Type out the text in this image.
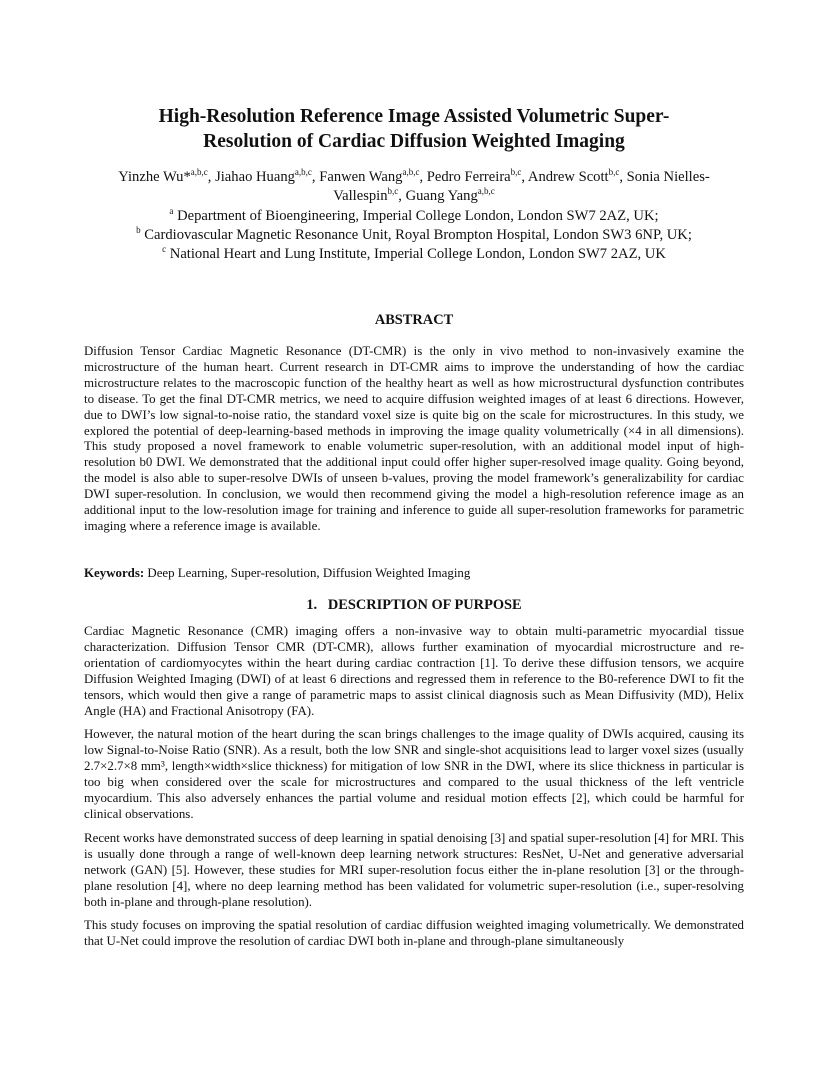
High-Resolution Reference Image Assisted Volumetric Super-
Resolution of Cardiac Diffusion Weighted Imaging
Yinzhe Wu*$^{a,b,c}$, Jiahao Huang$^{a,b,c}$, Fanwen Wang$^{a,b,c}$, Pedro Ferreira$^{b,c}$, Andrew Scott$^{b,c}$, Sonia Nielles-Vallespin$^{b,c}$, Guang Yang$^{a,b,c}$
$^a$ Department of Bioengineering, Imperial College London, London SW7 2AZ, UK;
$^b$ Cardiovascular Magnetic Resonance Unit, Royal Brompton Hospital, London SW3 6NP, UK;
$^c$ National Heart and Lung Institute, Imperial College London, London SW7 2AZ, UK
ABSTRACT

Diffusion Tensor Cardiac Magnetic Resonance (DT-CMR) is the only in vivo method to non-invasively examine the microstructure of the human heart. Current research in DT-CMR aims to improve the understanding of how the cardiac microstructure relates to the macroscopic function of the healthy heart as well as how microstructural dysfunction contributes to disease. To get the final DT-CMR metrics, we need to acquire diffusion weighted images of at least 6 directions. However, due to DWI’s low signal-to-noise ratio, the standard voxel size is quite big on the scale for microstructures. In this study, we explored the potential of deep-learning-based methods in improving the image quality volumetrically (×4 in all dimensions). This study proposed a novel framework to enable volumetric super-resolution, with an additional model input of high-resolution b0 DWI. We demonstrated that the additional input could offer higher super-resolved image quality. Going beyond, the model is also able to super-resolve DWIs of unseen b-values, proving the model framework’s generalizability for cardiac DWI super-resolution. In conclusion, we would then recommend giving the model a high-resolution reference image as an additional input to the low-resolution image for training and inference to guide all super-resolution frameworks for parametric imaging where a reference image is available.

Keywords: Deep Learning, Super-resolution, Diffusion Weighted Imaging

1.   DESCRIPTION OF PURPOSE

Cardiac Magnetic Resonance (CMR) imaging offers a non-invasive way to obtain multi-parametric myocardial tissue characterization. Diffusion Tensor CMR (DT-CMR), allows further examination of myocardial microstructure and re-orientation of cardiomyocytes within the heart during cardiac contraction [1]. To derive these diffusion tensors, we acquire Diffusion Weighted Imaging (DWI) of at least 6 directions and regressed them in reference to the B0-reference DWI to fit the tensors, which would then give a range of parametric maps to assist clinical diagnosis such as Mean Diffusivity (MD), Helix Angle (HA) and Fractional Anisotropy (FA).

However, the natural motion of the heart during the scan brings challenges to the image quality of DWIs acquired, causing its low Signal-to-Noise Ratio (SNR). As a result, both the low SNR and single-shot acquisitions lead to larger voxel sizes (usually 2.7×2.7×8 mm³, length×width×slice thickness) for mitigation of low SNR in the DWI, where its slice thickness in particular is too big when considered over the scale for microstructures and compared to the usual thickness of the left ventricle myocardium. This also adversely enhances the partial volume and residual motion effects [2], which could be harmful for clinical observations.

Recent works have demonstrated success of deep learning in spatial denoising [3] and spatial super-resolution [4] for MRI. This is usually done through a range of well-known deep learning network structures: ResNet, U-Net and generative adversarial network (GAN) [5]. However, these studies for MRI super-resolution focus either the in-plane resolution [3] or the through-plane resolution [4], where no deep learning method has been validated for volumetric super-resolution (i.e., super-resolving both in-plane and through-plane resolution).

This study focuses on improving the spatial resolution of cardiac diffusion weighted imaging volumetrically. We demonstrated that U-Net could improve the resolution of cardiac DWI both in-plane and through-plane simultaneously
